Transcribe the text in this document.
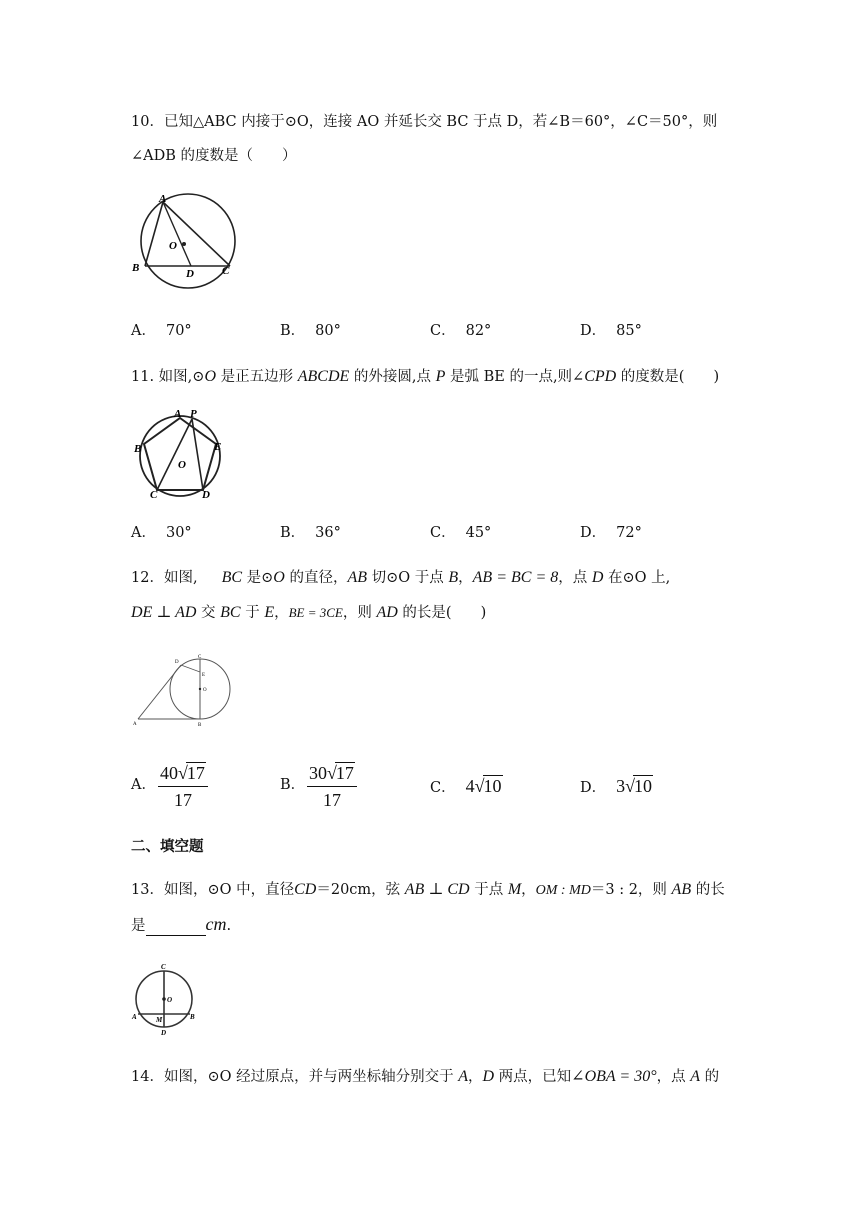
10．已知△ABC 内接于⊙O，连接 AO 并延长交 BC 于点 D，若∠B＝60°，∠C＝50°，则
∠ADB 的度数是（　　）
A
O
B	D	C
A． 70°	B． 80°	C． 82°	D． 85°
11. 如图,⊙O 是正五边形 ABCDE 的外接圆,点 P 是弧 BE 的一点,则∠CPD 的度数是(　　)
A P
B	E
O
C	D
A． 30°	B． 36°	C． 45°	D． 72°
12．如图, BC 是⊙O 的直径，AB 切⊙O 于点 B，AB = BC = 8，点 D 在⊙O 上,
DE ⊥ AD 交 BC 于 E，BE = 3CE，则 AD 的长是(　　)
D
C
E
O
A	B
A． $\frac{40√17}{17}$	B． $\frac{30√17}{17}$	C． 4√10	D． 3√10
二、填空题
13．如图，⊙O 中，直径CD＝20cm，弦 AB ⊥ CD 于点 M，OM : MD＝3 : 2，则 AB 的长
是	cm.
C
O
A	M	B
D
14．如图，⊙O 经过原点，并与两坐标轴分别交于 A，D 两点，已知∠OBA = 30°，点 A 的
